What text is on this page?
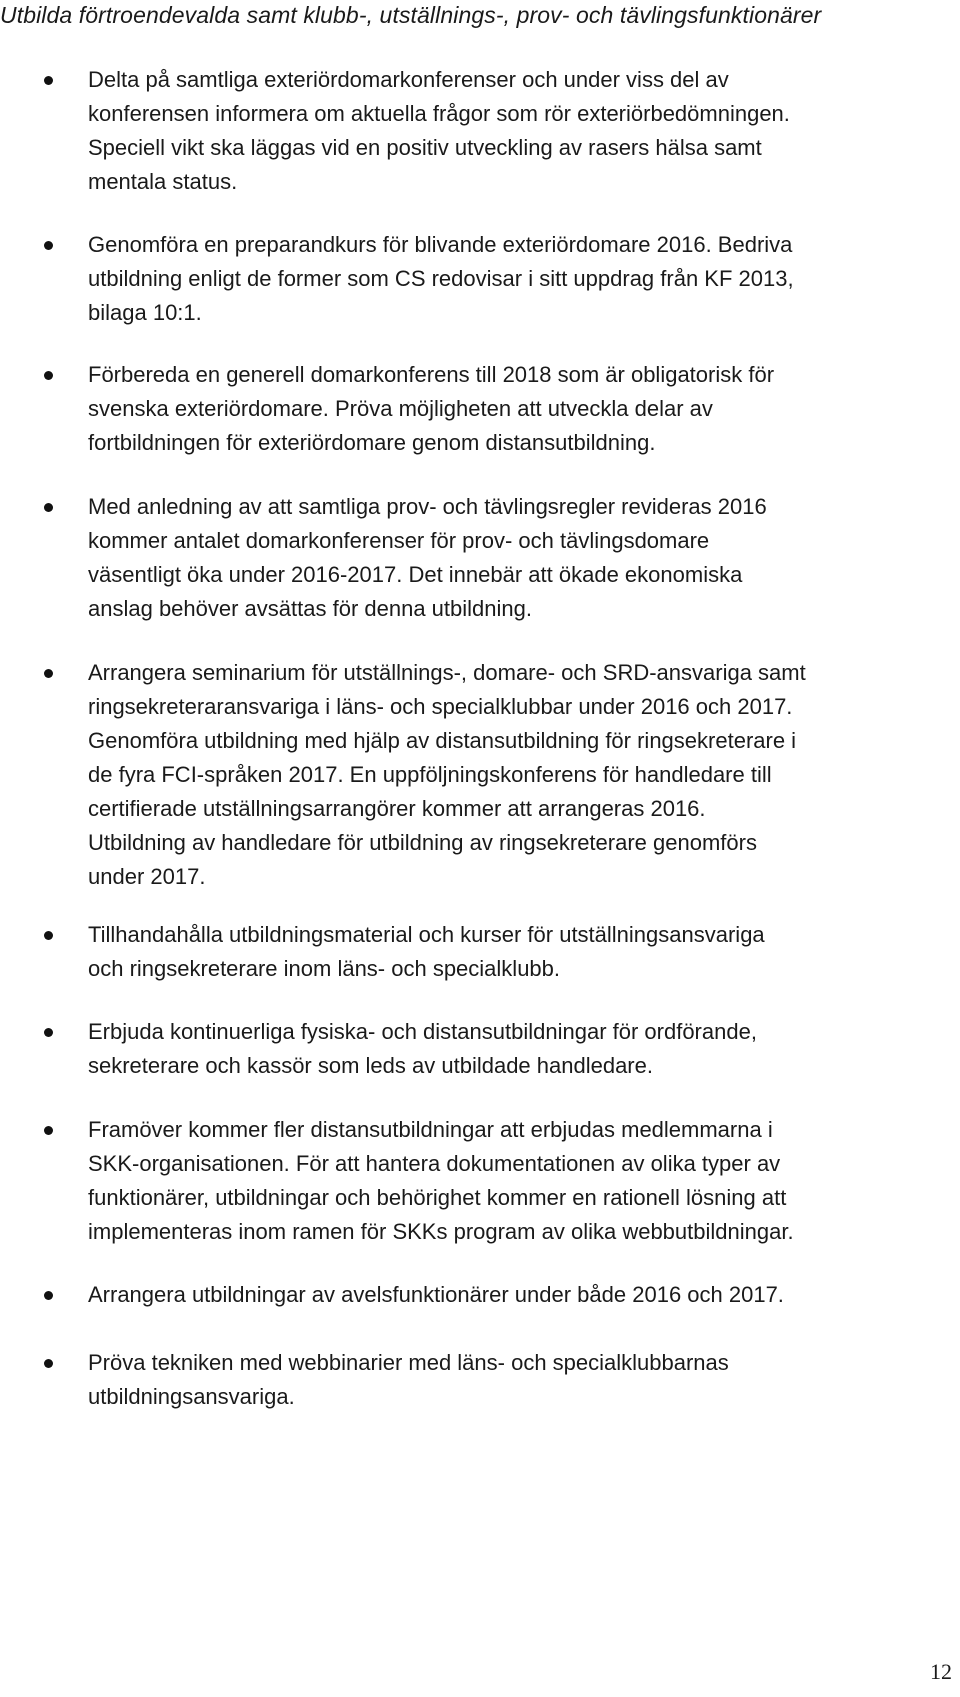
Utbilda förtroendevalda samt klubb-, utställnings-, prov- och tävlingsfunktionärer

Delta på samtliga exteriördomarkonferenser och under viss del av
konferensen informera om aktuella frågor som rör exteriörbedömningen.
Speciell vikt ska läggas vid en positiv utveckling av rasers hälsa samt
mentala status.

Genomföra en preparandkurs för blivande exteriördomare 2016. Bedriva
utbildning enligt de former som CS redovisar i sitt uppdrag från KF 2013,
bilaga 10:1.

Förbereda en generell domarkonferens till 2018 som är obligatorisk för
svenska exteriördomare. Pröva möjligheten att utveckla delar av
fortbildningen för exteriördomare genom distansutbildning.

Med anledning av att samtliga prov- och tävlingsregler revideras 2016
kommer antalet domarkonferenser för prov- och tävlingsdomare
väsentligt öka under 2016-2017. Det innebär att ökade ekonomiska
anslag behöver avsättas för denna utbildning.

Arrangera seminarium för utställnings-, domare- och SRD-ansvariga samt
ringsekreteraransvariga i läns- och specialklubbar under 2016 och 2017.
Genomföra utbildning med hjälp av distansutbildning för ringsekreterare i
de fyra FCI-språken 2017. En uppföljningskonferens för handledare till
certifierade utställningsarrangörer kommer att arrangeras 2016.
Utbildning av handledare för utbildning av ringsekreterare genomförs
under 2017.

Tillhandahålla utbildningsmaterial och kurser för utställningsansvariga
och ringsekreterare inom läns- och specialklubb.

Erbjuda kontinuerliga fysiska- och distansutbildningar för ordförande,
sekreterare och kassör som leds av utbildade handledare.

Framöver kommer fler distansutbildningar att erbjudas medlemmarna i
SKK-organisationen. För att hantera dokumentationen av olika typer av
funktionärer, utbildningar och behörighet kommer en rationell lösning att
implementeras inom ramen för SKKs program av olika webbutbildningar.

Arrangera utbildningar av avelsfunktionärer under både 2016 och 2017.

Pröva tekniken med webbinarier med läns- och specialklubbarnas
utbildningsansvariga.

12
